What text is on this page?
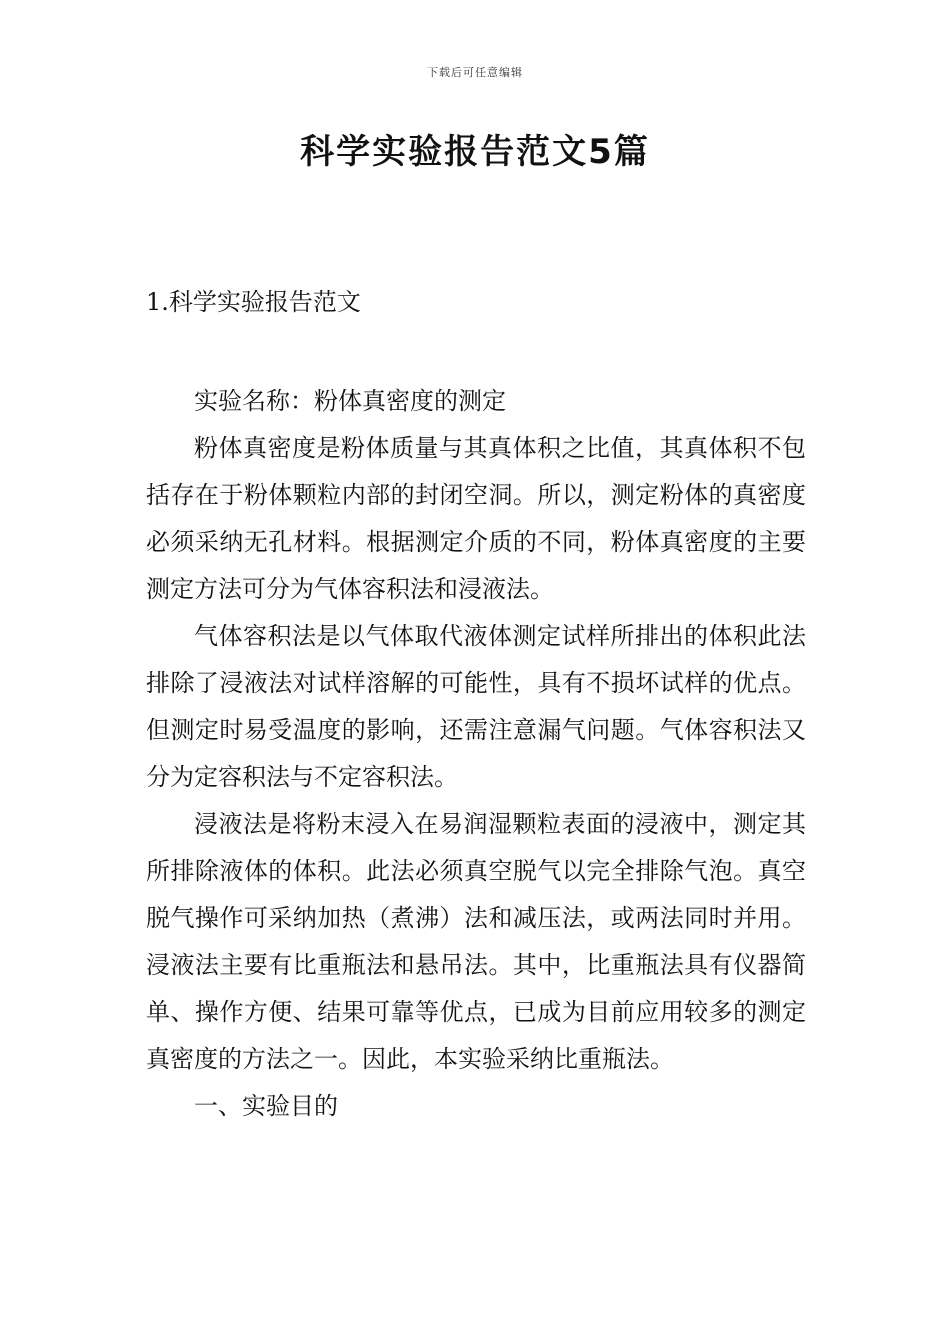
下载后可任意编辑
科学实验报告范文5篇
1.科学实验报告范文

实验名称：粉体真密度的测定

粉体真密度是粉体质量与其真体积之比值，其真体积不包括存在于粉体颗粒内部的封闭空洞。所以，测定粉体的真密度必须采纳无孔材料。根据测定介质的不同，粉体真密度的主要测定方法可分为气体容积法和浸液法。

气体容积法是以气体取代液体测定试样所排出的体积此法排除了浸液法对试样溶解的可能性，具有不损坏试样的优点。但测定时易受温度的影响，还需注意漏气问题。气体容积法又分为定容积法与不定容积法。

浸液法是将粉末浸入在易润湿颗粒表面的浸液中，测定其所排除液体的体积。此法必须真空脱气以完全排除气泡。真空脱气操作可采纳加热（煮沸）法和减压法，或两法同时并用。浸液法主要有比重瓶法和悬吊法。其中，比重瓶法具有仪器简单、操作方便、结果可靠等优点，已成为目前应用较多的测定真密度的方法之一。因此，本实验采纳比重瓶法。

一、实验目的
